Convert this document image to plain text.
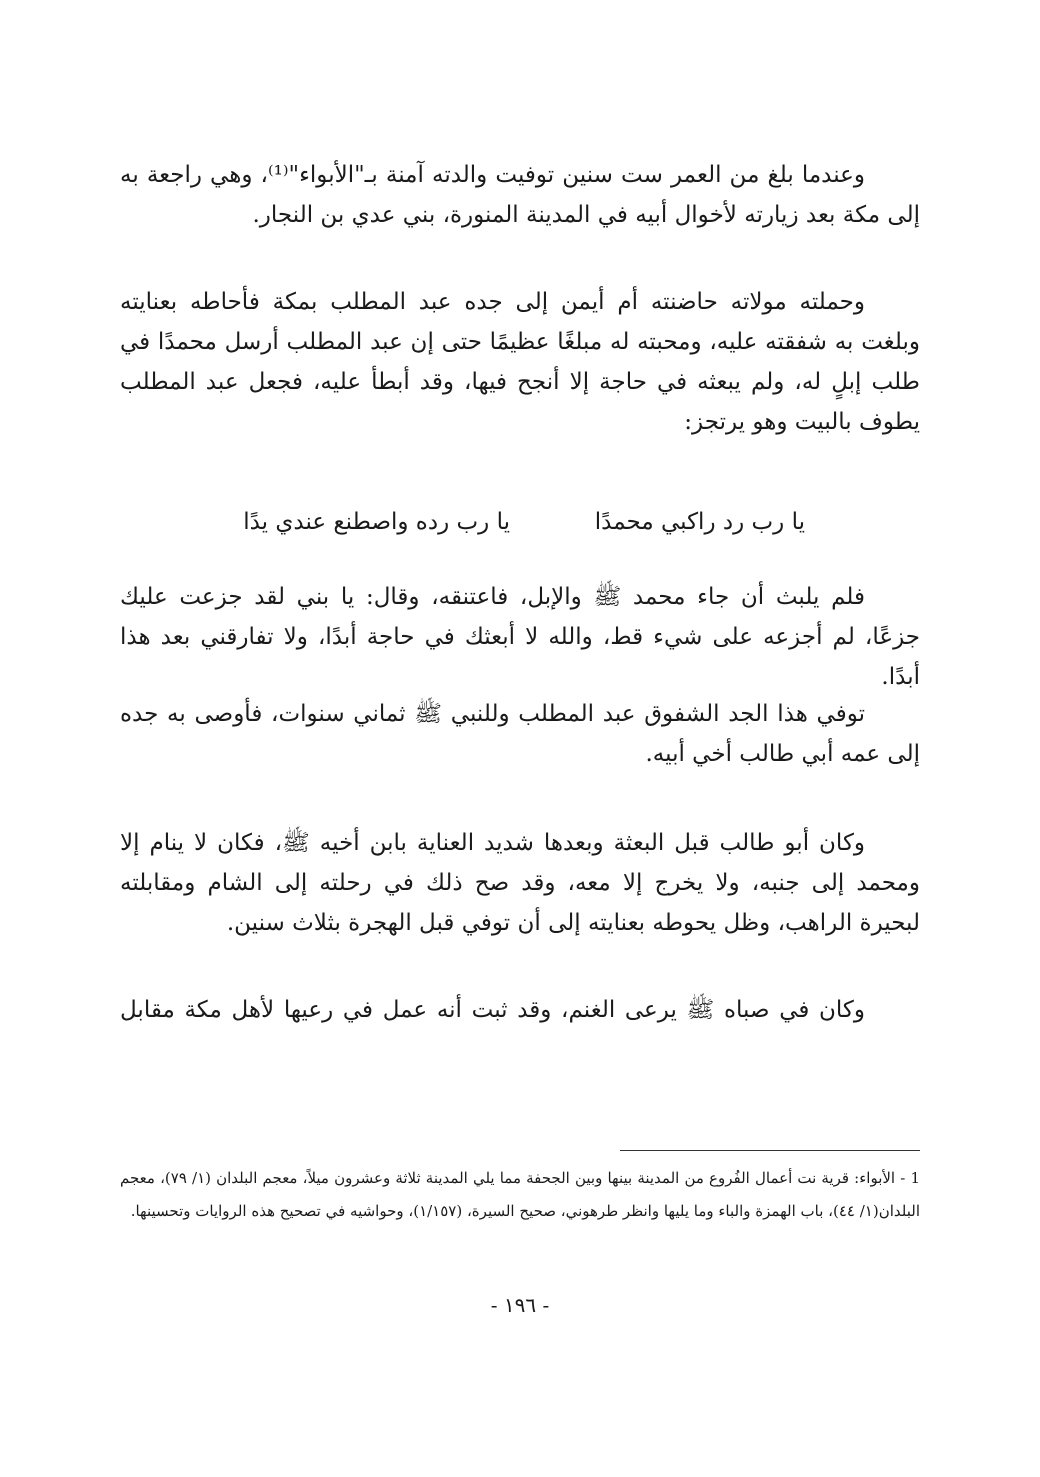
وعندما بلغ من العمر ست سنين توفيت والدته آمنة بـ"الأبواء"⁽¹⁾، وهي راجعة به إلى مكة بعد زيارته لأخوال أبيه في المدينة المنورة، بني عدي بن النجار.

وحملته مولاته حاضنته أم أيمن إلى جده عبد المطلب بمكة فأحاطه بعنايته وبلغت به شفقته عليه، ومحبته له مبلغًا عظيمًا حتى إن عبد المطلب أرسل محمدًا في طلب إبلٍ له، ولم يبعثه في حاجة إلا أنجح فيها، وقد أبطأ عليه، فجعل عبد المطلب يطوف بالبيت وهو يرتجز:

يا رب رد راكبي محمدًا
يا رب رده واصطنع عندي يدًا

فلم يلبث أن جاء محمد ﷺ والإبل، فاعتنقه، وقال: يا بني لقد جزعت عليك جزعًا، لم أجزعه على شيء قط، والله لا أبعثك في حاجة أبدًا، ولا تفارقني بعد هذا أبدًا.

توفي هذا الجد الشفوق عبد المطلب وللنبي ﷺ ثماني سنوات، فأوصى به جده إلى عمه أبي طالب أخي أبيه.

وكان أبو طالب قبل البعثة وبعدها شديد العناية بابن أخيه ﷺ، فكان لا ينام إلا ومحمد إلى جنبه، ولا يخرج إلا معه، وقد صح ذلك في رحلته إلى الشام ومقابلته لبحيرة الراهب، وظل يحوطه بعنايته إلى أن توفي قبل الهجرة بثلاث سنين.

وكان في صباه ﷺ يرعى الغنم، وقد ثبت أنه عمل في رعيها لأهل مكة مقابل

1 - الأبواء: قرية نت أعمال الفُروع من المدينة بينها وبين الجحفة مما يلي المدينة ثلاثة وعشرون ميلاً، معجم البلدان (١/ ٧٩)، معجم البلدان(١/ ٤٤)، باب الهمزة والباء وما يليها وانظر طرهوني، صحيح السيرة، (١/١٥٧)، وحواشيه في تصحيح هذه الروايات وتحسينها.

- ١٩٦ -
